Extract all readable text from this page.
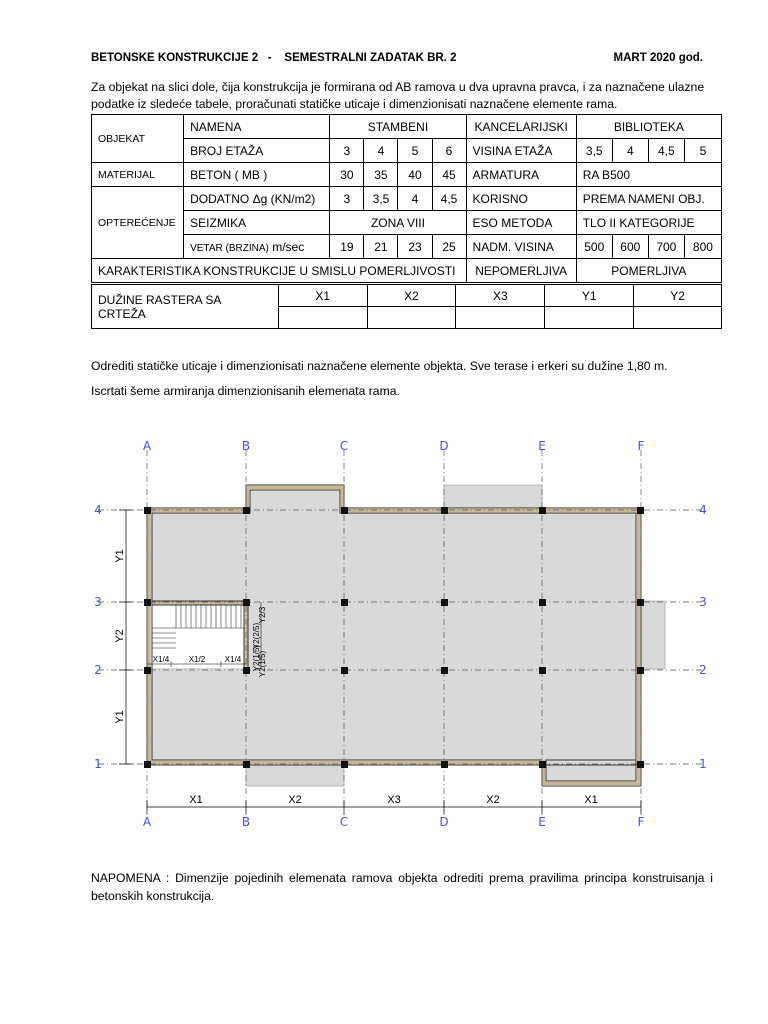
BETONSKE KONSTRUKCIJE 2   -    SEMESTRALNI ZADATAK BR. 2	MART 2020 god.
Za objekat na slici dole, čija konstrukcija je formirana od AB ramova u dva upravna pravca, i za naznačene ulazne podatke iz sledeće tabele, proračunati statičke uticaje i dimenzionisati naznačene elemente rama.
OBJEKAT	NAMENA	STAMBENI				KANCELARIJSKI	BIBLIOTEKA			
	BROJ ETAŽA	3	4	5	6	VISINA ETAŽA	3,5	4	4,5	5
MATERIJAL	BETON ( MB )	30	35	40	45	ARMATURA	RA B500			
OPTEREĆENJE	DODATNO Δg (KN/m2)	3	3,5	4	4,5	KORISNO	PREMA NAMENI OBJ.			
	SEIZMIKA	ZONA VIII				ESO METODA	TLO II KATEGORIJE			
	VETAR (BRZINA) m/sec	19	21	23	25	NADM. VISINA	500	600	700	800
KARAKTERISTIKA KONSTRUKCIJE U SMISLU POMERLJIVOSTI						NEPOMERLJIVA	POMERLJIVA			
DUŽINE RASTERA SA CRTEŽA	X1	X2	X3	Y1	Y2

Odrediti statičke uticaje i dimenzionisati naznačene elemente objekta. Sve terase i erkeri su dužine 1,80 m.
Iscrtati šeme armiranja dimenzionisanih elemenata rama.
A	B	C	D	E	F
A	B	C	D	E	F
4
3
2
1
4
3
2
1
X1	X2	X3	X2	X1
Y1
Y2
Y1
X1/4 X1/2 X1/4
Y2/3
Y2(2/5)
Y2(1/5)
Y2(1/5)
NAPOMENA : Dimenzije pojedinih elemenata ramova objekta odrediti prema pravilima principa konstruisanja i betonskih konstrukcija.
